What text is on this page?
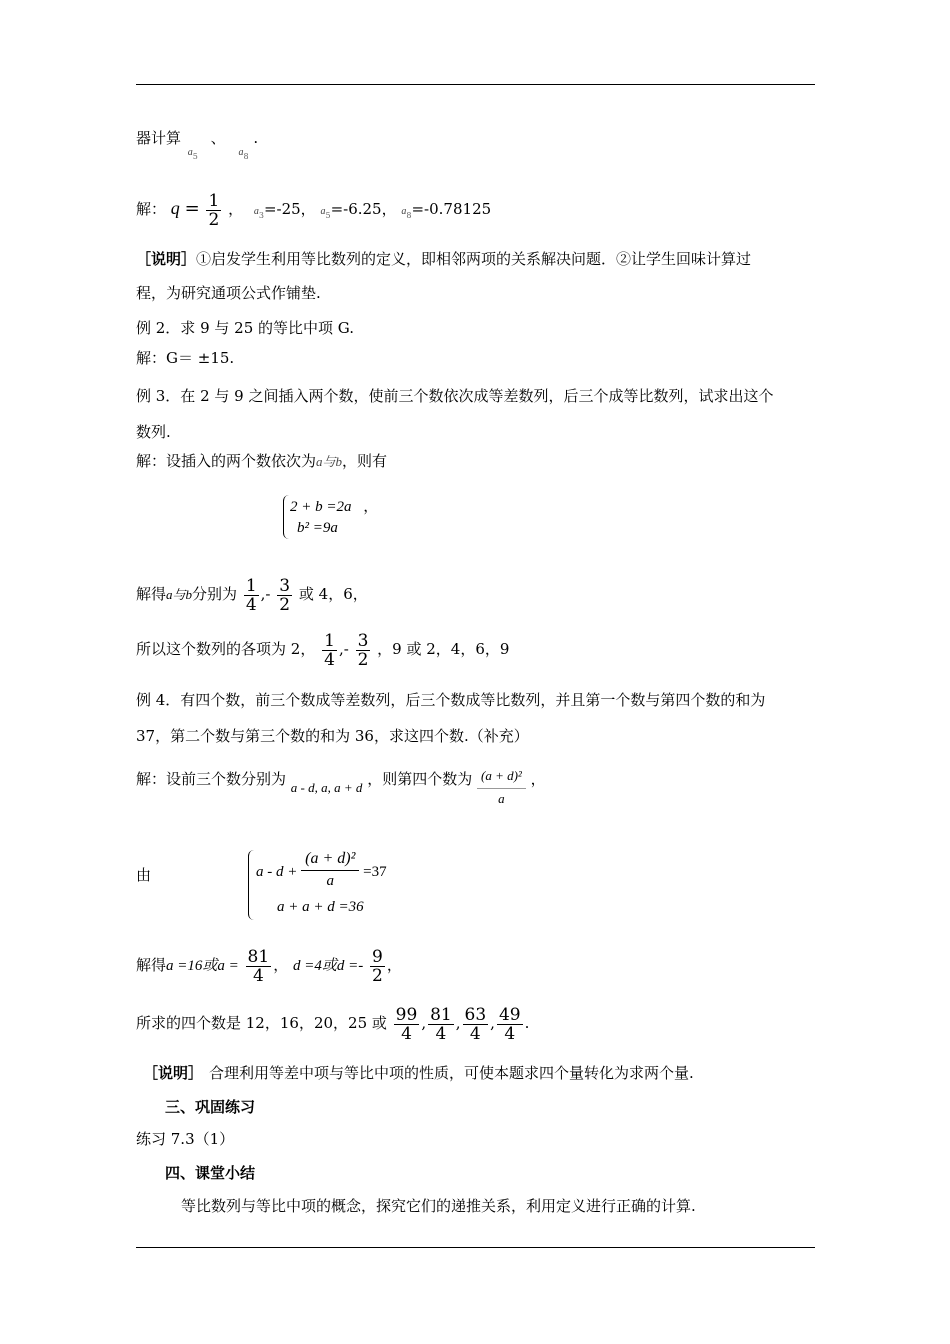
器计算 $a_5$ 、 $a_8$ .
解： $q = \frac{1}{2}$ ， $a_3=-25$， $a_5=-6.25$， $a_8=-0.78125$
［说明］①启发学生利用等比数列的定义，即相邻两项的关系解决问题．②让学生回味计算过
程，为研究通项公式作铺垫.
例 2．求 9 与 25 的等比中项 G.
解：G＝ ±15.
例 3．在 2 与 9 之间插入两个数，使前三个数依次成等差数列，后三个成等比数列，试求出这个
数列.
解：设插入的两个数依次为a与b，则有
2 + b =2a ，
b² =9a
解得a与b分别为 $\frac{1}{4}$ ,- $\frac{3}{2}$ 或 4，6，
所以这个数列的各项为 2， $\frac{1}{4}$ ,- $\frac{3}{2}$ ，9 或 2，4，6，9
例 4．有四个数，前三个数成等差数列，后三个数成等比数列，并且第一个数与第四个数的和为
37，第二个数与第三个数的和为 36，求这四个数.（补充）
解：设前三个数分别为 a - d, a, a + d ，则第四个数为 $\frac{\text{(a + d)²}}{a}$ ，
由	$a - d + \frac{\text{(a + d)²}}{a} =37$
a + a + d =36
解得a =16或$a = \frac{81}{4}$ ， d =4或$d =- \frac{9}{2}$ ，
所求的四个数是 12，16，20，25 或 $\frac{99}{4}$ , $\frac{81}{4}$ , $\frac{63}{4}$ , $\frac{49}{4}$ .
［说明］ 合理利用等差中项与等比中项的性质，可使本题求四个量转化为求两个量.
三、巩固练习
练习 7.3（1）
四、课堂小结
等比数列与等比中项的概念，探究它们的递推关系，利用定义进行正确的计算.
